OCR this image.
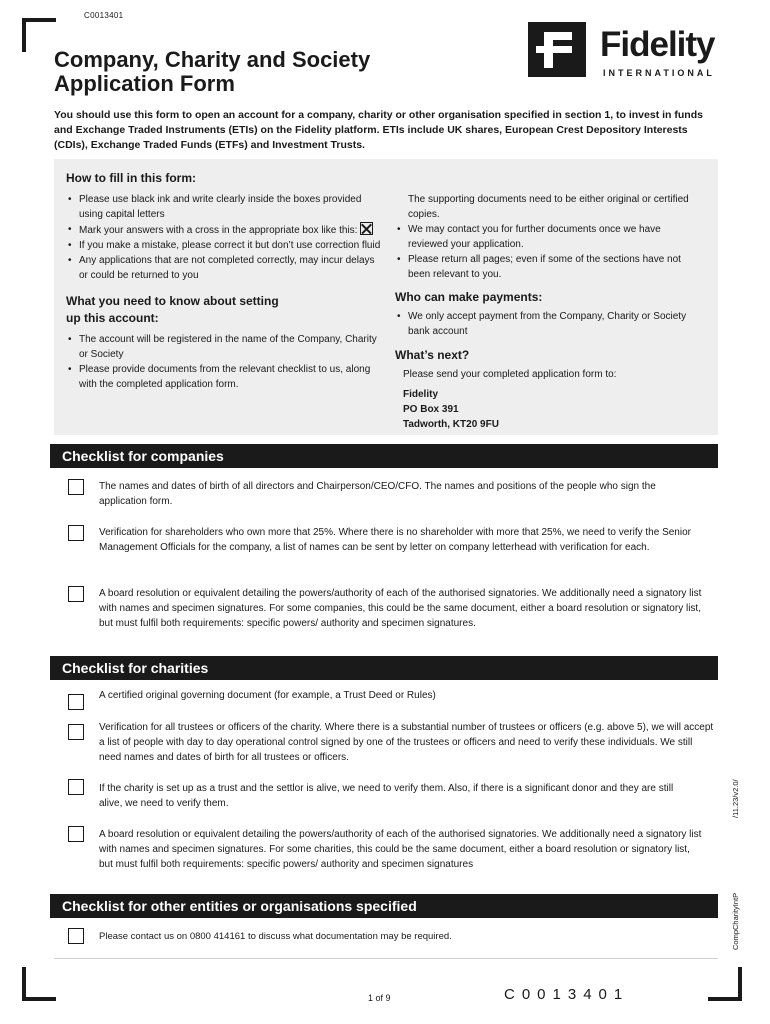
C0013401
Company, Charity and Society
Application Form
Fidelity
INTERNATIONAL
You should use this form to open an account for a company, charity or other organisation specified in section 1, to invest in funds and Exchange Traded Instruments (ETIs) on the Fidelity platform. ETIs include UK shares, European Crest Depository Interests (CDIs), Exchange Traded Funds (ETFs) and Investment Trusts.
How to fill in this form:
• Please use black ink and write clearly inside the boxes provided using capital letters
• Mark your answers with a cross in the appropriate box like this:
• If you make a mistake, please correct it but don’t use correction fluid
• Any applications that are not completed correctly, may incur delays or could be returned to you
What you need to know about setting
up this account:
• The account will be registered in the name of the Company, Charity or Society
• Please provide documents from the relevant checklist to us, along with the completed application form.
The supporting documents need to be either original or certified copies.
• We may contact you for further documents once we have reviewed your application.
• Please return all pages; even if some of the sections have not been relevant to you.
Who can make payments:
• We only accept payment from the Company, Charity or Society bank account
What’s next?
Please send your completed application form to:
Fidelity
PO Box 391
Tadworth, KT20 9FU
Checklist for companies
The names and dates of birth of all directors and Chairperson/CEO/CFO. The names and positions of the people who sign the application form.
Verification for shareholders who own more that 25%. Where there is no shareholder with more that 25%, we need to verify the Senior Management Officials for the company, a list of names can be sent by letter on company letterhead with verification for each.
A board resolution or equivalent detailing the powers/authority of each of the authorised signatories. We additionally need a signatory list with names and specimen signatures. For some companies, this could be the same document, either a board resolution or signatory list, but must fulfil both requirements: specific powers/ authority and specimen signatures.
Checklist for charities
A certified original governing document (for example, a Trust Deed or Rules)
Verification for all trustees or officers of the charity. Where there is a substantial number of trustees or officers (e.g. above 5), we will accept a list of people with day to day operational control signed by one of the trustees or officers and need to verify these individuals. We still need names and dates of birth for all trustees or officers.
If the charity is set up as a trust and the settlor is alive, we need to verify them. Also, if there is a significant donor and they are still alive, we need to verify them.
A board resolution or equivalent detailing the powers/authority of each of the authorised signatories. We additionally need a signatory list with names and specimen signatures. For some charities, this could be the same document, either a board resolution or signatory list, but must fulfil both requirements: specific powers/ authority and specimen signatures
Checklist for other entities or organisations specified
Please contact us on 0800 414161 to discuss what documentation may be required.
/11.23/v2.0/
CompCharityIntP
1 of 9	C0013401
